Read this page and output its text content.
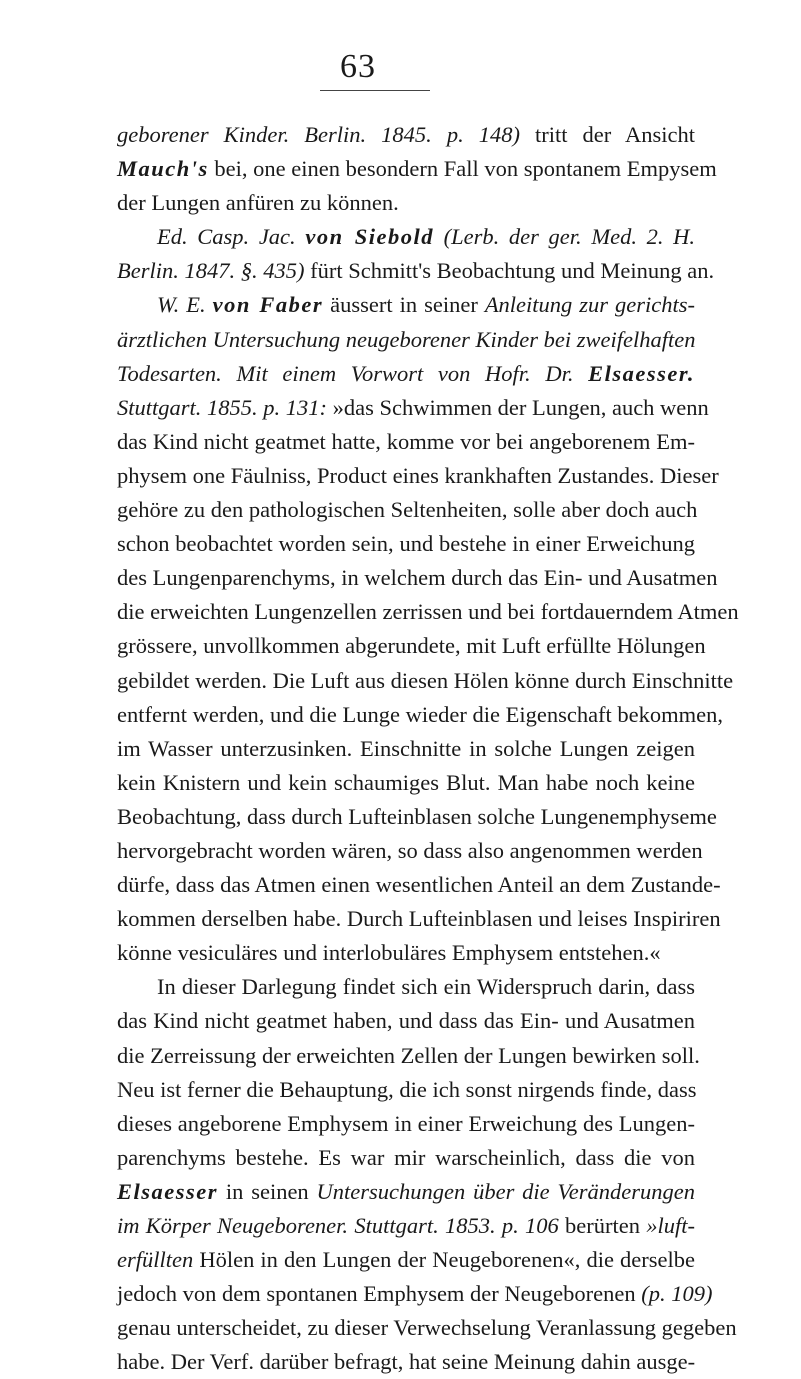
63
geborener Kinder. Berlin. 1845. p. 148) tritt der Ansicht
Mauch's bei, one einen besondern Fall von spontanem Empysem
der Lungen anfüren zu können.
Ed. Casp. Jac. von Siebold (Lerb. der ger. Med. 2. H.
Berlin. 1847. §. 435) fürt Schmitt's Beobachtung und Meinung an.
W. E. von Faber äussert in seiner Anleitung zur gerichts-
ärztlichen Untersuchung neugeborener Kinder bei zweifelhaften
Todesarten. Mit einem Vorwort von Hofr. Dr. Elsaesser.
Stuttgart. 1855. p. 131: »das Schwimmen der Lungen, auch wenn
das Kind nicht geatmet hatte, komme vor bei angeborenem Em-
physem one Fäulniss, Product eines krankhaften Zustandes. Dieser
gehöre zu den pathologischen Seltenheiten, solle aber doch auch
schon beobachtet worden sein, und bestehe in einer Erweichung
des Lungenparenchyms, in welchem durch das Ein- und Ausatmen
die erweichten Lungenzellen zerrissen und bei fortdauerndem Atmen
grössere, unvollkommen abgerundete, mit Luft erfüllte Hölungen
gebildet werden. Die Luft aus diesen Hölen könne durch Einschnitte
entfernt werden, und die Lunge wieder die Eigenschaft bekommen,
im Wasser unterzusinken. Einschnitte in solche Lungen zeigen
kein Knistern und kein schaumiges Blut. Man habe noch keine
Beobachtung, dass durch Lufteinblasen solche Lungenemphyseme
hervorgebracht worden wären, so dass also angenommen werden
dürfe, dass das Atmen einen wesentlichen Anteil an dem Zustande-
kommen derselben habe. Durch Lufteinblasen und leises Inspiriren
könne vesiculäres und interlobuläres Emphysem entstehen.«
In dieser Darlegung findet sich ein Widerspruch darin, dass
das Kind nicht geatmet haben, und dass das Ein- und Ausatmen
die Zerreissung der erweichten Zellen der Lungen bewirken soll.
Neu ist ferner die Behauptung, die ich sonst nirgends finde, dass
dieses angeborene Emphysem in einer Erweichung des Lungen-
parenchyms bestehe. Es war mir warscheinlich, dass die von
Elsaesser in seinen Untersuchungen über die Veränderungen
im Körper Neugeborener. Stuttgart. 1853. p. 106 berürten »luft-
erfüllten Hölen in den Lungen der Neugeborenen«, die derselbe
jedoch von dem spontanen Emphysem der Neugeborenen (p. 109)
genau unterscheidet, zu dieser Verwechselung Veranlassung gegeben
habe. Der Verf. darüber befragt, hat seine Meinung dahin ausge-
